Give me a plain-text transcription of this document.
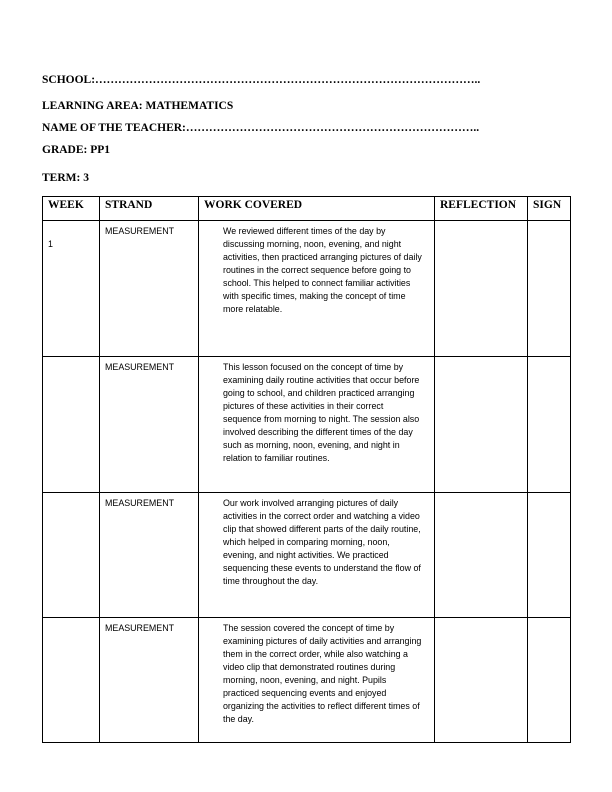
SCHOOL:………………………………………………………………………………………..
LEARNING AREA: MATHEMATICS
NAME OF THE TEACHER:…………………………………………………………………..
GRADE: PP1
TERM: 3
WEEK	STRAND	WORK COVERED	REFLECTION	SIGN
1	MEASUREMENT	We reviewed different times of the day by discussing morning, noon, evening, and night activities, then practiced arranging pictures of daily routines in the correct sequence before going to school. This helped to connect familiar activities with specific times, making the concept of time more relatable.		
	MEASUREMENT	This lesson focused on the concept of time by examining daily routine activities that occur before going to school, and children practiced arranging pictures of these activities in their correct sequence from morning to night. The session also involved describing the different times of the day such as morning, noon, evening, and night in relation to familiar routines.		
	MEASUREMENT	Our work involved arranging pictures of daily activities in the correct order and watching a video clip that showed different parts of the daily routine, which helped in comparing morning, noon, evening, and night activities. We practiced sequencing these events to understand the flow of time throughout the day.		
	MEASUREMENT	The session covered the concept of time by examining pictures of daily activities and arranging them in the correct order, while also watching a video clip that demonstrated routines during morning, noon, evening, and night. Pupils practiced sequencing events and enjoyed organizing the activities to reflect different times of the day.		
